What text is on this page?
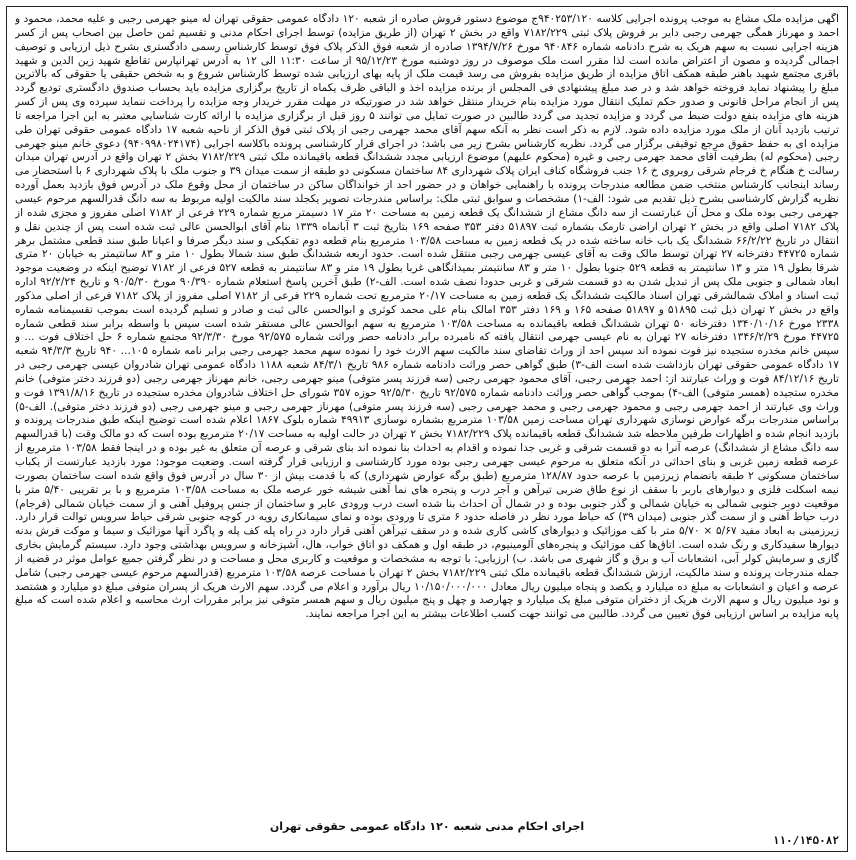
آگهی مزایده ملک مشاع به موجب پرونده اجرایی کلاسه ۹۴۰۲۵۳/۱۲۰ج موضوع دستور فروش صادره از شعبه ۱۲۰ دادگاه عمومی حقوقی تهران له مینو جهرمی رجبی و علیه محمد، محمود و احمد و مهرناز همگی جهرمی رجبی دایر بر فروش پلاک ثبتی ۷۱۸۲/۲۲۹ واقع در بخش ۲ تهران (از طریق مزایده) توسط اجرای احکام مدنی و تقسیم ثمن حاصل بین اصحاب پس از کسر هزینه اجرایی نسبت به سهم هریک به شرح دادنامه شماره ۹۴۰۸۴۶ مورخ ۱۳۹۴/۷/۲۶ صادره از شعبه فوق الذکر پلاک فوق توسط کارشناس رسمی دادگستری بشرح ذیل ارزیابی و توصیف اجمالی گردیده و مصون از اعتراض مانده است لذا مقرر است ملک موصوف در روز دوشنبه مورخ ۹۵/۱۲/۲۳ از ساعت ۱۱:۳۰ الی ۱۲ به آدرس تهرانپارس تقاطع شهید زین الدین و شهید باقری مجتمع شهید باهنر طبقه همکف اتاق مزایده از طریق مزایده بفروش می رسد قیمت ملک از پایه بهای ارزیابی شده توسط کارشناس شروع و به شخص حقیقی یا حقوقی که بالاترین مبلغ را پیشنهاد نماید فروخته خواهد شد و در صد مبلغ پیشنهادی فی المجلس از برنده مزایده اخذ و الباقی ظرف یکماه از تاریخ برگزاری مزایده باید بحساب صندوق دادگستری تودیع گردد پس از انجام مراحل قانونی و صدور حکم تملیک انتقال مورد مزایده بنام خریدار منتقل خواهد شد در صورتیکه در مهلت مقرر خریدار وجه مزایده را پرداخت ننماید سپرده وی پس از کسر هزینه های مزایده بنفع دولت ضبط می گردد و مزایده تجدید می گردد طالبین در صورت تمایل می توانند ۵ روز قبل از برگزاری مزایده با ارائه کارت شناسایی معتبر به این اجرا مراجعه تا ترتیب بازدید آنان از ملک مورد مزایده داده شود. لازم به ذکر است نظر به آنکه سهم آقای محمد جهرمی رجبی از پلاک ثبتی فوق الذکر از ناحیه شعبه ۱۷ دادگاه عمومی حقوقی تهران طی مزایده ای به حفظ حقوق مرجع توقیفی برگزار می گردد. نظریه کارشناس بشرح زیر می باشد: در اجرای قرار کارشناسی پرونده باکلاسه اجرایی (۹۴۰۹۹۸۰۲۴۱۷۴) دعوی خانم مینو جهرمی رجبی (محکوم له) بطرفیت آقای محمد جهرمی رجبی و غیره (محکوم علیهم) موضوع ارزیابی مجدد ششدانگ قطعه باقیمانده ملک ثبتی ۷۱۸۲/۲۲۹ بخش ۲ تهران واقع در آدرس تهران میدان رسالت خ هنگام خ فرجام شرقی روبروی خ ۱۶ جنب فروشگاه کناف ایران پلاک شهرداری ۸۴ ساختمان مسکونی دو طبقه از سمت میدان ۳۹ و جنوب ملک با پلاک شهرداری ۶ با استحضار می رساند اینجانب کارشناس منتخب ضمن مطالعه مندرجات پرونده با راهنمایی خواهان و در حضور احد از خوانداگان ساکن در ساختمان از محل وقوع ملک در آدرس فوق بازدید بعمل آورده نظریه گزارش کارشناسی بشرح ذیل تقدیم می شود: الف-۱) مشخصات و سوابق ثبتی ملک: براساس مندرجات تصویر یکجلد سند مالکیت اولیه مربوط به سه دانگ قدرالسهم مرحوم عیسی جهرمی رجبی بوده ملک و محل آن عبارتست از سه دانگ مشاع از ششدانگ یک قطعه زمین به مساحت ۲۰ متر ۱۷ دسیمتر مربع شماره ۲۲۹ فرعی از ۷۱۸۲ اصلی مفروز و مجزی شده از پلاک ۷۱۸۲ اصلی واقع در بخش ۲ تهران اراضی تارمک بشماره ثبت ۵۱۸۹۷ دفتر ۳۵۳ صفحه ۱۶۹ بتاریخ ثبت ۳ آبانماه ۱۳۳۹ بنام آقای ابوالحسن عالی ثبت شده است پس از چندین نقل و انتقال در تاریخ ۶۶/۲/۲۲ ششدانگ یک باب خانه ساخته شده در یک قطعه زمین به مساحت ۱۰۳/۵۸ مترمربع بنام قطعه دوم تفکیکی و سند دیگر صرفا و اعیانا طبق سند قطعی مشتمل برهر شماره ۴۴۷۲۵ دفترخانه ۲۷ تهران توسط مالک وقت به آقای عیسی جهرمی رجبی منتقل شده است. حدود اربعه ششدانگ طبق سند شمالا بطول ۱۰ متر و ۸۳ سانتیمتر به خیابان ۲۰ متری شرقا بطول ۱۹ متر و ۱۳ سانتیمتر به قطعه ۵۲۹ جنوبا بطول ۱۰ متر و ۸۳ سانتیمتر بمیدانگاهی غربا بطول ۱۹ متر و ۸۳ سانتیمتر به قطعه ۵۲۷ فرعی از ۷۱۸۲ توضیح اینکه در وضعیت موجود ابعاد شمالی و جنوبی ملک پس از تبدیل شدن به دو قسمت شرقی و غربی حدودا نصف شده است. الف-۲) طبق آخرین پاسخ استعلام شماره ۹۰/۳۹۰ مورخ ۹۰/۵/۳۰ و تاریخ ۹۲/۲/۲۴ اداره ثبت اسناد و املاک شمالشرقی تهران اسناد مالکیت ششدانگ یک قطعه زمین به مساحت ۲۰/۱۷ مترمربع تحت شماره ۲۲۹ فرعی از ۷۱۸۲ اصلی مفروز از پلاک ۷۱۸۲ فرعی از اصلی مذکور واقع در بخش ۲ تهران ذیل ثبت ۵۱۸۹۵ و ۵۱۸۹۷ صفحه ۱۶۵ و ۱۶۹ دفتر ۳۵۳ امالک بنام علی محمد کوثری و ابوالحسن عالی ثبت و صادر و تسلیم گردیده است بموجب تقسیمنامه شماره ۲۳۳۸ مورخ ۱۳۴۰/۱۰/۱۶ دفترخانه ۵۰ تهران ششدانگ قطعه باقیمانده به مساحت ۱۰۳/۵۸ مترمربع به سهم ابوالحسن عالی مستقر شده است سپس با واسطه برابر سند قطعی شماره ۴۴۷۲۵ مورخ ۱۳۴۶/۲/۲۹ دفترخانه ۲۷ تهران به نام عیسی جهرمی انتقال یافته که نامبرده برابر دادنامه حصر وراثت شماره ۹۲/۵۷۵ مورخ ۹۲/۳/۳۰ مجتمع شماره ۶ حل اختلاف فوت ... و سپس خانم مخدره ستجیده نیز فوت نموده اند سپس احد از وراث تقاضای سند مالکیت سهم الارث خود را نموده سهم محمد جهرمی رجبی برابر نامه شماره ۱۰۵... ۹۴۰ تاریخ ۹۴/۳/۳ شعبه ۱۷ دادگاه عمومی حقوقی تهران بازداشت شده است الف-۳) طبق گواهی حصر وراثت دادنامه شماره ۹۸۶ تاریخ ۸۴/۳/۱ شعبه ۱۱۸۸ دادگاه عمومی تهران شادروان عیسی جهرمی رجبی در تاریخ ۸۴/۱۲/۱۶ فوت و وراث عبارتند از: احمد جهرمی رجبی، آقای محمود جهرمی رجبی (سه فرزند پسر متوفی) مینو جهرمی رجبی، خانم مهرناز جهرمی رجبی (دو فرزند دختر متوفی) خانم مخدره ستجیده (همسر متوفی) الف-۴) بموجب گواهی حصر وراثت دادنامه شماره ۹۲/۵۷۵ تاریخ ۹۲/۵/۳۰ حوزه ۳۵۷ شورای حل اختلاف شادروان مخدره ستجیده در تاریخ ۱۳۹۱/۸/۱۶ فوت و وراث وی عبارتند از احمد جهرمی رجبی و محمود جهرمی رجبی و محمد جهرمی رجبی (سه فرزند پسر متوفی) مهرناز جهرمی رجبی و مینو جهرمی رجبی (دو فرزند دختر متوفی). الف-۵) براساس مندرجات برگه عوارض نوسازی شهرداری تهران مساحت زمین ۱۰۳/۵۸ مترمربع بشماره نوسازی ۴۹۹۱۳ شماره بلوک ۱۸۶۷ اعلام شده است توضیح اینکه طبق مندرجات پرونده و بازدید انجام شده و اظهارات طرفین ملاحظه شد ششدانگ قطعه باقیمانده پلاک ۷۱۸۲/۲۲۹ بخش ۲ تهران در حالت اولیه به مساحت ۲۰/۱۷ مترمربع بوده است که دو مالک وقت (با قدرالسهم سه دانگ مشاع از ششدانگ) عرصه آنرا به دو قسمت شرقی و غربی جدا نموده و اقدام به احداث بنا نموده اند بنای شرقی و عرصه آن متعلق به غیر بوده و در اینجا فقط ۱۰۳/۵۸ مترمربع از عرصه قطعه زمین غربی و بنای احداثی در آنکه متعلق به مرحوم عیسی جهرمی رجبی بوده مورد کارشناسی و ارزیابی قرار گرفته است. وضعیت موجود: مورد بازدید عبارتست از یکباب ساختمان مسکونی ۲ طبقه بانضمام زیرزمین با عرصه حدود ۱۲۸/۸۷ مترمربع (طبق برگه عوارض شهرداری) که با قدمت بیش از ۳۰ سال در آدرس فوق واقع شده است ساختمان بصورت نیمه اسکلت فلزی و دیوارهای باربر با سقف از نوع طاق ضربی تیرآهن و آجر درب و پنجره های نما آهنی شیشه خور عرصه ملک به مساحت ۱۰۳/۵۸ مترمربع و با بر تقریبی ۵/۴۰ متر با موقعیت دوبر جنوبی شمالی به خیابان شمالی و گذر جنوبی بوده و در شمال آن احداث بنا شده است درب ورودی عابر و ساختمان از جنس پروفیل آهنی و از سمت خیابان شمالی (فرجام) درب حیاط آهنی و از سمت گذر جنوبی (میدان ۳۹) که حیاط مورد نظر در فاصله حدود ۶ متری تا ورودی بوده و نمای سیمانکاری رویه در کوچه جنوبی شرقی حیاط سرویس توالت قرار دارد. زیرزمینی به ابعاد مفید ۵/۶۷ × ۵/۷۰ متر با کف موزائیک و دیوارهای کاشی کاری شده و در سقف تیرآهن آهنی قرار دارد در راه پله کف پله و پاگرد آنها موزائیک و سیما و موکت فرش بدنه دیوارها سفیدکاری و رنگ شده است. اتاق‌ها کف موزائیک و پنجره‌های آلومینیوم، در طبقه اول و همکف دو اتاق خواب، هال، آشپزخانه و سرویس بهداشتی وجود دارد. سیستم گرمایش بخاری گازی و سرمایش کولر آبی، انشعابات آب و برق و گاز شهری می باشد. ب) ارزیابی: با توجه به مشخصات و موقعیت و کاربری محل و مساحت و در نظر گرفتن جمیع عوامل موثر در قضیه از جمله مندرجات پرونده و سند مالکیت، ارزش ششدانگ قطعه باقیمانده ملک ثبتی ۷۱۸۲/۲۲۹ بخش ۲ تهران با مساحت عرصه ۱۰۳/۵۸ مترمربع (قدرالسهم مرحوم عیسی جهرمی رجبی) شامل عرصه و اعیان و انشعابات به مبلغ ده میلیارد و یکصد و پنجاه میلیون ریال معادل ۱۰/۱۵۰/۰۰۰/۰۰۰ ریال برآورد و اعلام می گردد. سهم الارث هریک از پسران متوفی مبلغ دو میلیارد و هشتصد و نود میلیون ریال و سهم الارث هریک از دختران متوفی مبلغ یک میلیارد و چهارصد و چهل و پنج میلیون ریال و سهم همسر متوفی نیز برابر مقررات ارث محاسبه و اعلام شده است که مبلغ پایه مزایده بر اساس ارزیابی فوق تعیین می گردد. طالبین می توانند جهت کسب اطلاعات بیشتر به این اجرا مراجعه نمایند.

اجرای احکام مدنی شعبه ۱۲۰ دادگاه عمومی حقوقی تهران
۱۱۰/۱۴۵۰۸۲
